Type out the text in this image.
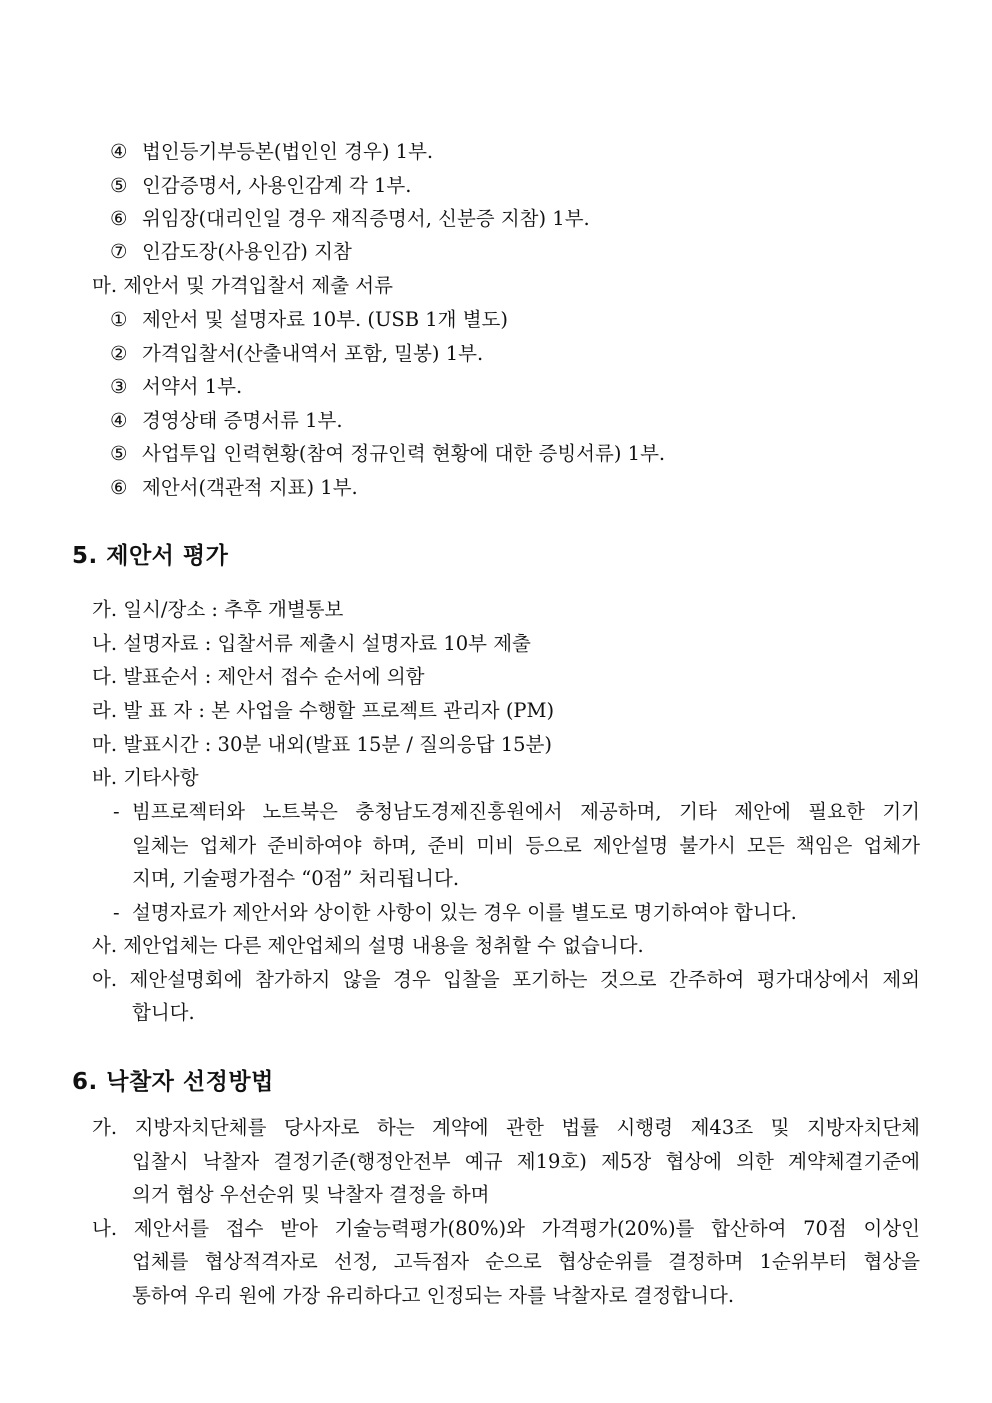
④ 법인등기부등본(법인인 경우) 1부.
⑤ 인감증명서, 사용인감계 각 1부.
⑥ 위임장(대리인일 경우 재직증명서, 신분증 지참) 1부.
⑦ 인감도장(사용인감) 지참
마. 제안서 및 가격입찰서 제출 서류
① 제안서 및 설명자료 10부. (USB 1개 별도)
② 가격입찰서(산출내역서 포함, 밀봉) 1부.
③ 서약서 1부.
④ 경영상태 증명서류 1부.
⑤ 사업투입 인력현황(참여 정규인력 현황에 대한 증빙서류) 1부.
⑥ 제안서(객관적 지표) 1부.
5. 제안서 평가
가. 일시/장소 : 추후 개별통보
나. 설명자료 : 입찰서류 제출시 설명자료 10부 제출
다. 발표순서 : 제안서 접수 순서에 의함
라. 발 표 자 : 본 사업을 수행할 프로젝트 관리자 (PM)
마. 발표시간 : 30분 내외(발표 15분 / 질의응답 15분)
바. 기타사항
- 빔프로젝터와 노트북은 충청남도경제진흥원에서 제공하며, 기타 제안에 필요한 기기
일체는 업체가 준비하여야 하며, 준비 미비 등으로 제안설명 불가시 모든 책임은 업체가
지며, 기술평가점수 “0점” 처리됩니다.
- 설명자료가 제안서와 상이한 사항이 있는 경우 이를 별도로 명기하여야 합니다.
사. 제안업체는 다른 제안업체의 설명 내용을 청취할 수 없습니다.
아. 제안설명회에 참가하지 않을 경우 입찰을 포기하는 것으로 간주하여 평가대상에서 제외
합니다.
6. 낙찰자 선정방법
가. 지방자치단체를 당사자로 하는 계약에 관한 법률 시행령 제43조 및 지방자치단체
입찰시 낙찰자 결정기준(행정안전부 예규 제19호) 제5장 협상에 의한 계약체결기준에
의거 협상 우선순위 및 낙찰자 결정을 하며
나. 제안서를 접수 받아 기술능력평가(80%)와 가격평가(20%)를 합산하여 70점 이상인
업체를 협상적격자로 선정, 고득점자 순으로 협상순위를 결정하며 1순위부터 협상을
통하여 우리 원에 가장 유리하다고 인정되는 자를 낙찰자로 결정합니다.
